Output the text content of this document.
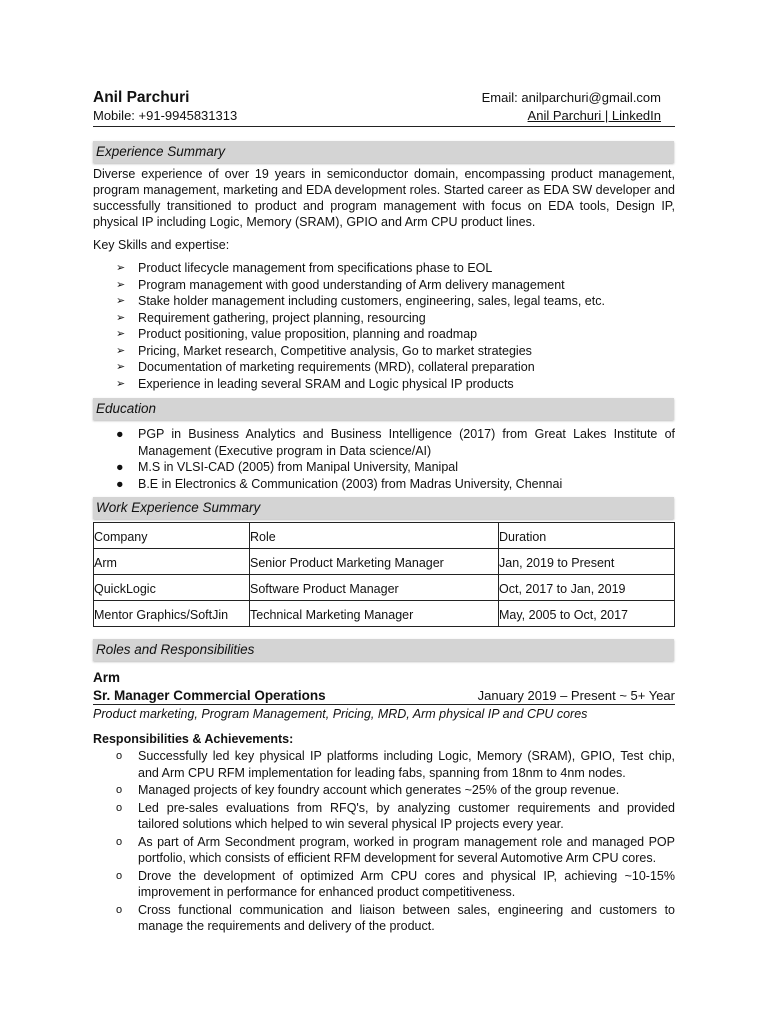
Anil Parchuri	Email: anilparchuri@gmail.com
Mobile: +91-9945831313	Anil Parchuri | LinkedIn
Experience Summary

Diverse experience of over 19 years in semiconductor domain, encompassing product management, program management, marketing and EDA development roles. Started career as EDA SW developer and successfully transitioned to product and program management with focus on EDA tools, Design IP, physical IP including Logic, Memory (SRAM), GPIO and Arm CPU product lines.

Key Skills and expertise:
➢ Product lifecycle management from specifications phase to EOL
➢ Program management with good understanding of Arm delivery management
➢ Stake holder management including customers, engineering, sales, legal teams, etc.
➢ Requirement gathering, project planning, resourcing
➢ Product positioning, value proposition, planning and roadmap
➢ Pricing, Market research, Competitive analysis, Go to market strategies
➢ Documentation of marketing requirements (MRD), collateral preparation
➢ Experience in leading several SRAM and Logic physical IP products
Education
● PGP in Business Analytics and Business Intelligence (2017) from Great Lakes Institute of Management (Executive program in Data science/AI)
● M.S in VLSI-CAD (2005) from Manipal University, Manipal
● B.E in Electronics & Communication (2003) from Madras University, Chennai
Work Experience Summary
Company	Role	Duration
Arm	Senior Product Marketing Manager	Jan, 2019 to Present
QuickLogic	Software Product Manager	Oct, 2017 to Jan, 2019
Mentor Graphics/SoftJin	Technical Marketing Manager	May, 2005 to Oct, 2017
Roles and Responsibilities
Arm
Sr. Manager Commercial Operations	January 2019 – Present ~ 5+ Year
Product marketing, Program Management, Pricing, MRD, Arm physical IP and CPU cores
Responsibilities & Achievements:
o Successfully led key physical IP platforms including Logic, Memory (SRAM), GPIO, Test chip, and Arm CPU RFM implementation for leading fabs, spanning from 18nm to 4nm nodes.
o Managed projects of key foundry account which generates ~25% of the group revenue.
o Led pre-sales evaluations from RFQ's, by analyzing customer requirements and provided tailored solutions which helped to win several physical IP projects every year.
o As part of Arm Secondment program, worked in program management role and managed POP portfolio, which consists of efficient RFM development for several Automotive Arm CPU cores.
o Drove the development of optimized Arm CPU cores and physical IP, achieving ~10-15% improvement in performance for enhanced product competitiveness.
o Cross functional communication and liaison between sales, engineering and customers to manage the requirements and delivery of the product.
